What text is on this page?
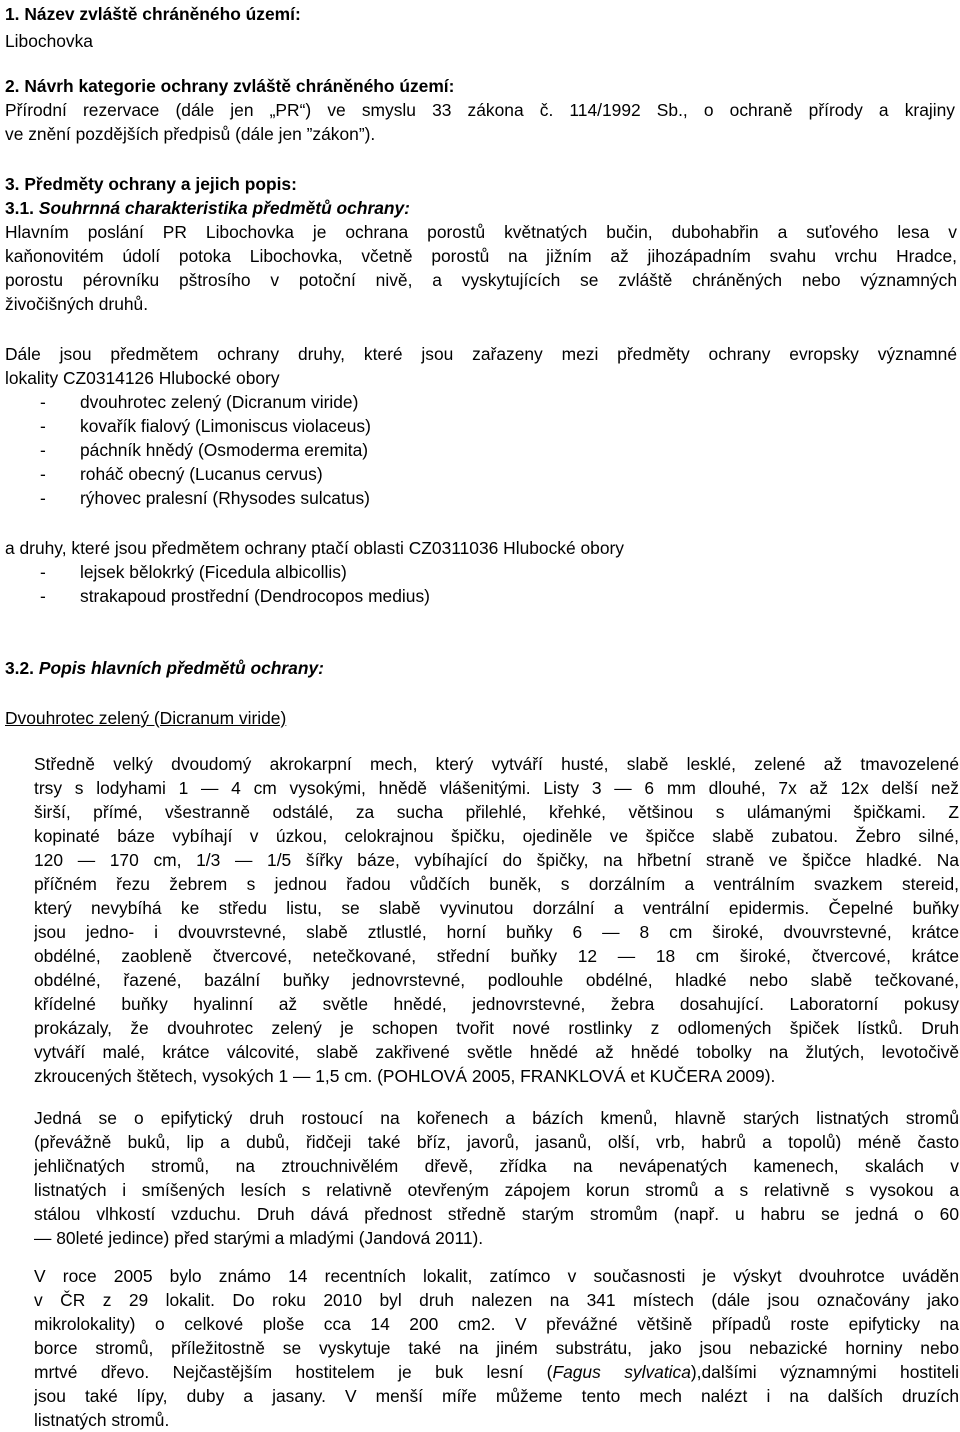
1. Název zvláště chráněného území:
Libochovka
2. Návrh kategorie ochrany zvláště chráněného území:
Přírodní rezervace (dále jen „PR“) ve smyslu 33 zákona č. 114/1992 Sb., o ochraně přírody a krajiny
ve znění pozdějších předpisů (dále jen ”zákon”).
3. Předměty ochrany a jejich popis:
3.1. Souhrnná charakteristika předmětů ochrany:
Hlavním poslání PR Libochovka je ochrana porostů květnatých bučin, dubohabřin a suťového lesa v
kaňonovitém údolí potoka Libochovka, včetně porostů na jižním až jihozápadním svahu vrchu Hradce,
porostu pérovníku pštrosího v potoční nivě, a vyskytujících se zvláště chráněných nebo významných
živočišných druhů.
Dále jsou předmětem ochrany druhy, které jsou zařazeny mezi předměty ochrany evropsky významné
lokality CZ0314126 Hlubocké obory
- dvouhrotec zelený (Dicranum viride)
- kovařík fialový (Limoniscus violaceus)
- páchník hnědý (Osmoderma eremita)
- roháč obecný (Lucanus cervus)
- rýhovec pralesní (Rhysodes sulcatus)
a druhy, které jsou předmětem ochrany ptačí oblasti CZ0311036 Hlubocké obory
- lejsek bělokrký (Ficedula albicollis)
- strakapoud prostřední (Dendrocopos medius)
3.2. Popis hlavních předmětů ochrany:
Dvouhrotec zelený (Dicranum viride)
Středně velký dvoudomý akrokarpní mech, který vytváří husté, slabě lesklé, zelené až tmavozelené
trsy s lodyhami 1 — 4 cm vysokými, hnědě vlášenitými. Listy 3 — 6 mm dlouhé, 7x až 12x delší než
širší, přímé, všestranně odstálé, za sucha přilehlé, křehké, většinou s ulámanými špičkami. Z
kopinaté báze vybíhají v úzkou, celokrajnou špičku, ojediněle ve špičce slabě zubatou. Žebro silné,
120 — 170 cm, 1/3 — 1/5 šířky báze, vybíhající do špičky, na hřbetní straně ve špičce hladké. Na
příčném řezu žebrem s jednou řadou vůdčích buněk, s dorzálním a ventrálním svazkem stereid,
který nevybíhá ke středu listu, se slabě vyvinutou dorzální a ventrální epidermis. Čepelné buňky
jsou jedno- i dvouvrstevné, slabě ztlustlé, horní buňky 6 — 8 cm široké, dvouvrstevné, krátce
obdélné, zaobleně čtvercové, netečkované, střední buňky 12 — 18 cm široké, čtvercové, krátce
obdélné, řazené, bazální buňky jednovrstevné, podlouhle obdélné, hladké nebo slabě tečkované,
křídelné buňky hyalinní až světle hnědé, jednovrstevné, žebra dosahující. Laboratorní pokusy
prokázaly, že dvouhrotec zelený je schopen tvořit nové rostlinky z odlomených špiček lístků. Druh
vytváří malé, krátce válcovité, slabě zakřivené světle hnědé až hnědé tobolky na žlutých, levotočivě
zkroucených štětech, vysokých 1 — 1,5 cm. (POHLOVÁ 2005, FRANKLOVÁ et KUČERA 2009).
Jedná se o epifytický druh rostoucí na kořenech a bázích kmenů, hlavně starých listnatých stromů
(převážně buků, lip a dubů, řidčeji také bříz, javorů, jasanů, olší, vrb, habrů a topolů) méně často
jehličnatých stromů, na ztrouchnivělém dřevě, zřídka na nevápenatých kamenech, skalách v
listnatých i smíšených lesích s relativně otevřeným zápojem korun stromů a s relativně s vysokou a
stálou vlhkostí vzduchu. Druh dává přednost středně starým stromům (např. u habru se jedná o 60
— 80leté jedince) před starými a mladými (Jandová 2011).
V roce 2005 bylo známo 14 recentních lokalit, zatímco v současnosti je výskyt dvouhrotce uváděn
v ČR z 29 lokalit. Do roku 2010 byl druh nalezen na 341 místech (dále jsou označovány jako
mikrolokality) o celkové ploše cca 14 200 cm2. V převážné většině případů roste epifyticky na
borce stromů, příležitostně se vyskytuje také na jiném substrátu, jako jsou nebazické horniny nebo
mrtvé dřevo. Nejčastějším hostitelem je buk lesní (Fagus sylvatica),dalšími významnými hostiteli
jsou také lípy, duby a jasany. V menší míře můžeme tento mech nalézt i na dalších druzích
listnatých stromů.
